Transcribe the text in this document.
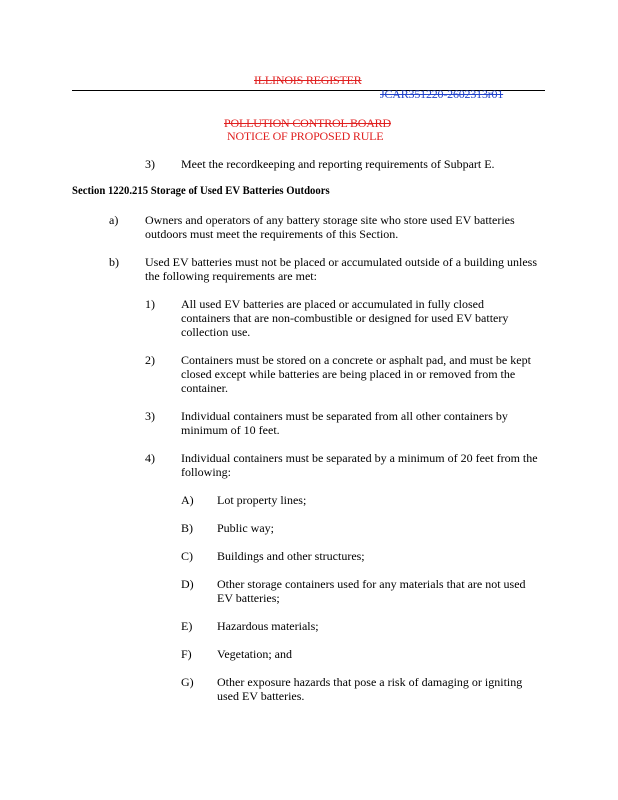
ILLINOIS REGISTER
JCAR351220-2602313r01
POLLUTION CONTROL BOARD
NOTICE OF PROPOSED RULE
3) Meet the recordkeeping and reporting requirements of Subpart E.
Section 1220.215 Storage of Used EV Batteries Outdoors
a) Owners and operators of any battery storage site who store used EV batteries
outdoors must meet the requirements of this Section.
b) Used EV batteries must not be placed or accumulated outside of a building unless
the following requirements are met:
1) All used EV batteries are placed or accumulated in fully closed
containers that are non-combustible or designed for used EV battery
collection use.
2) Containers must be stored on a concrete or asphalt pad, and must be kept
closed except while batteries are being placed in or removed from the
container.
3) Individual containers must be separated from all other containers by
minimum of 10 feet.
4) Individual containers must be separated by a minimum of 20 feet from the
following:
A) Lot property lines;
B) Public way;
C) Buildings and other structures;
D) Other storage containers used for any materials that are not used
EV batteries;
E) Hazardous materials;
F) Vegetation; and
G) Other exposure hazards that pose a risk of damaging or igniting
used EV batteries.
